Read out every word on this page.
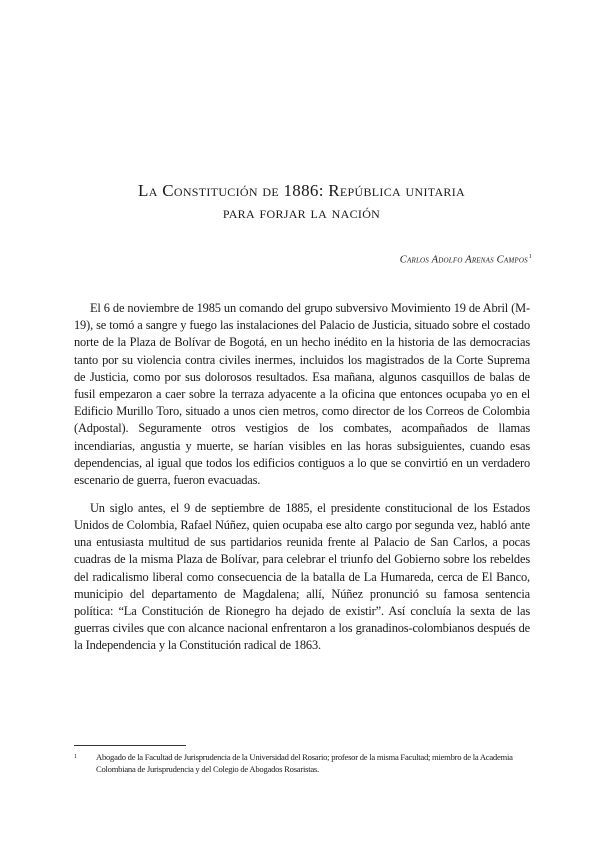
La Constitución de 1886: República unitaria
para forjar la nación
Carlos Adolfo Arenas Campos$^1$

El 6 de noviembre de 1985 un comando del grupo subversivo Movimiento 19 de Abril (M-19), se tomó a sangre y fuego las instalaciones del Palacio de Justicia, situado sobre el costado norte de la Plaza de Bolívar de Bogotá, en un hecho inédito en la historia de las democracias tanto por su violencia contra civiles inermes, incluidos los magistrados de la Corte Suprema de Justicia, como por sus dolorosos resultados. Esa mañana, algunos casquillos de balas de fusil empezaron a caer sobre la terraza adyacente a la oficina que entonces ocupaba yo en el Edificio Murillo Toro, situado a unos cien metros, como director de los Correos de Colombia (Adpostal). Seguramente otros vestigios de los combates, acompañados de llamas incendiarias, angustia y muerte, se harían visibles en las horas subsiguientes, cuando esas dependencias, al igual que todos los edificios contiguos a lo que se convirtió en un verdadero escenario de guerra, fueron evacuadas.

Un siglo antes, el 9 de septiembre de 1885, el presidente constitucional de los Estados Unidos de Colombia, Rafael Núñez, quien ocupaba ese alto cargo por segunda vez, habló ante una entusiasta multitud de sus partidarios reunida frente al Palacio de San Carlos, a pocas cuadras de la misma Plaza de Bolívar, para celebrar el triunfo del Gobierno sobre los rebeldes del radicalismo liberal como consecuencia de la batalla de La Humareda, cerca de El Banco, municipio del departamento de Magdalena; allí, Núñez pronunció su famosa sentencia política: “La Constitución de Rionegro ha dejado de existir”. Así concluía la sexta de las guerras civiles que con alcance nacional enfrentaron a los granadinos-colombianos después de la Independencia y la Constitución radical de 1863.

1 Abogado de la Facultad de Jurisprudencia de la Universidad del Rosario; profesor de la misma Facultad; miembro de la Academia Colombiana de Jurisprudencia y del Colegio de Abogados Rosaristas.
